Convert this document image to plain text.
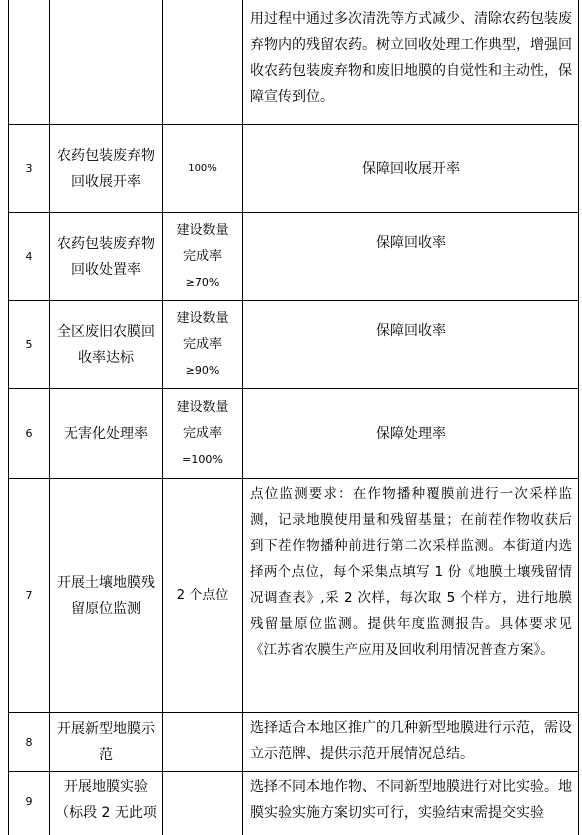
用过程中通过多次清洗等方式减少、清除农药包装废弃物内的残留农药。树立回收处理工作典型，增强回收农药包装废弃物和废旧地膜的自觉性和主动性，保障宣传到位。
3
农药包装废弃物回收展开率
100%	保障回收展开率
4
农药包装废弃物回收处置率
建设数量
完成率
≥70%
保障回收率
5
全区废旧农膜回收率达标
建设数量
完成率
≥90%
保障回收率
6	无害化处理率
建设数量
完成率
=100%
保障处理率
7
开展土壤地膜残留原位监测
2 个点位
点位监测要求：在作物播种覆膜前进行一次采样监测，记录地膜使用量和残留基量；在前茬作物收获后到下茬作物播种前进行第二次采样监测。本街道内选择两个点位，每个采集点填写 1 份《地膜土壤残留情况调查表》,采 2 次样，每次取 5 个样方，进行地膜残留量原位监测。提供年度监测报告。具体要求见《江苏省农膜生产应用及回收利用情况普查方案》。
8
开展新型地膜示范
选择适合本地区推广的几种新型地膜进行示范，需设立示范牌、提供示范开展情况总结。
9
开展地膜实验（标段 2 无此项
选择不同本地作物、不同新型地膜进行对比实验。地膜实验实施方案切实可行，实验结束需提交实验
